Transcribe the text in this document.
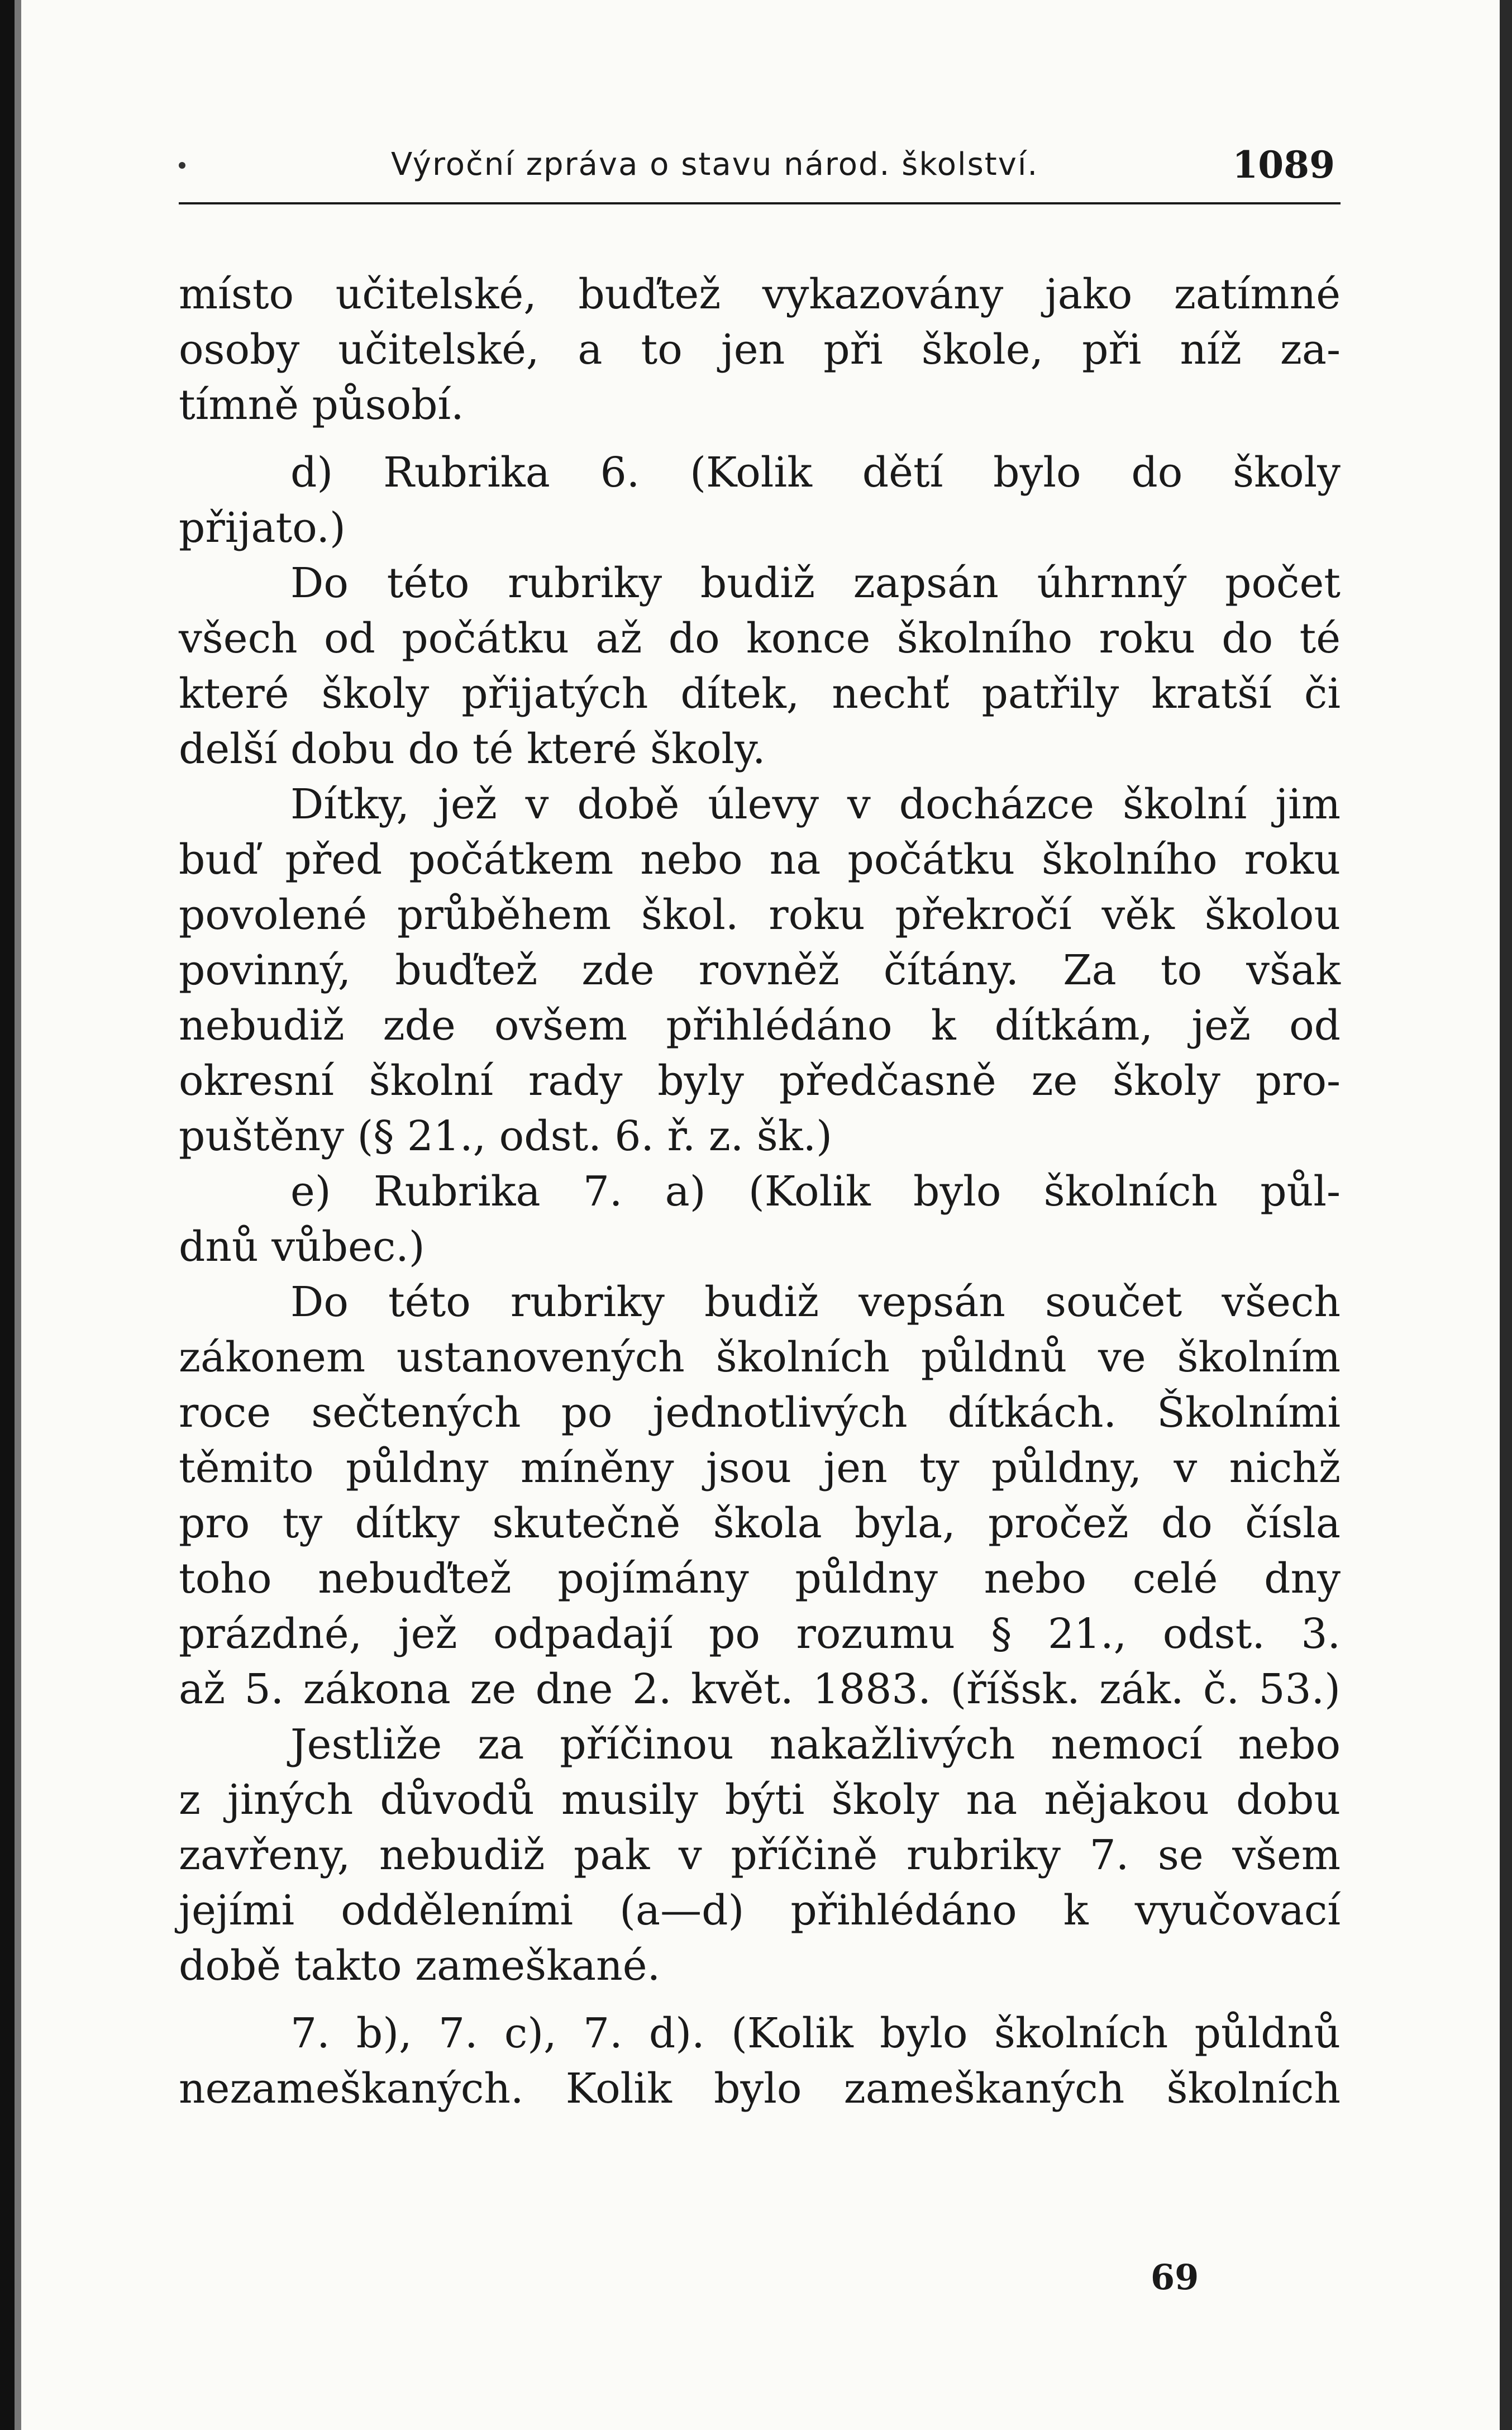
Výroční zpráva o stavu národ. školství.	1089
místo učitelské, buďtež vykazovány jako zatímné
osoby učitelské, a to jen při škole, při níž za-
tímně působí.
d) Rubrika 6. (Kolik dětí bylo do školy
přijato.)
Do této rubriky budiž zapsán úhrnný počet
všech od počátku až do konce školního roku do té
které školy přijatých dítek, nechť patřily kratší či
delší dobu do té které školy.
Dítky, jež v době úlevy v docházce školní jim
buď před počátkem nebo na počátku školního roku
povolené průběhem škol. roku překročí věk školou
povinný, buďtež zde rovněž čítány. Za to však
nebudiž zde ovšem přihlédáno k dítkám, jež od
okresní školní rady byly předčasně ze školy pro-
puštěny (§ 21., odst. 6. ř. z. šk.)
e) Rubrika 7. a) (Kolik bylo školních půl-
dnů vůbec.)
Do této rubriky budiž vepsán součet všech
zákonem ustanovených školních půldnů ve školním
roce sečtených po jednotlivých dítkách. Školními
těmito půldny míněny jsou jen ty půldny, v nichž
pro ty dítky skutečně škola byla, pročež do čísla
toho nebuďtež pojímány půldny nebo celé dny
prázdné, jež odpadají po rozumu § 21., odst. 3.
až 5. zákona ze dne 2. květ. 1883. (říšsk. zák. č. 53.)
Jestliže za příčinou nakažlivých nemocí nebo
z jiných důvodů musily býti školy na nějakou dobu
zavřeny, nebudiž pak v příčině rubriky 7. se všem
jejími odděleními (a—d) přihlédáno k vyučovací
době takto zameškané.
7. b), 7. c), 7. d). (Kolik bylo školních půldnů
nezameškaných. Kolik bylo zameškaných školních
69
